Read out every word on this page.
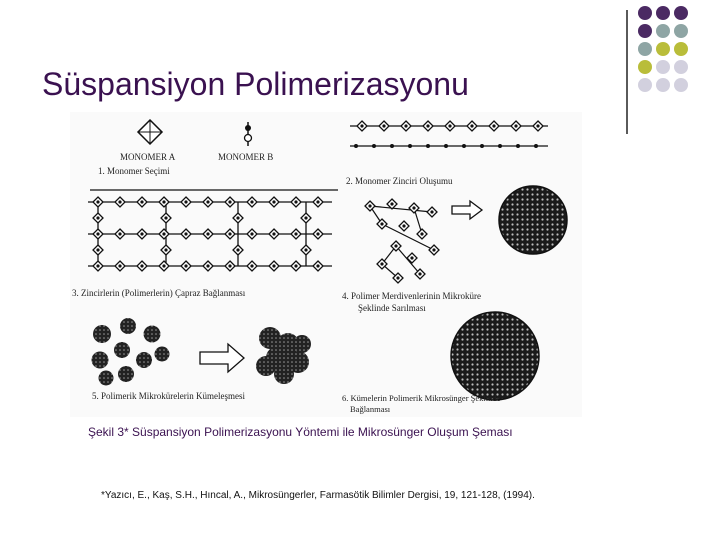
Süspansiyon Polimerizasyonu
MONOMER A	MONOMER B
1. Monomer Seçimi
2. Monomer Zinciri Oluşumu
3. Zincirlerin (Polimerlerin) Çapraz Bağlanması	4. Polimer Merdivenlerinin Mikroküre
Şeklinde Sarılması
5. Polimerik Mikrokürelerin Kümeleşmesi	6. Kümelerin Polimerik Mikrosünger Şeklinde
Bağlanması
Şekil 3* Süspansiyon Polimerizasyonu Yöntemi ile Mikrosünger Oluşum Şeması
*Yazıcı, E., Kaş, S.H., Hıncal, A., Mikrosüngerler, Farmasötik Bilimler Dergisi, 19, 121-128, (1994).
